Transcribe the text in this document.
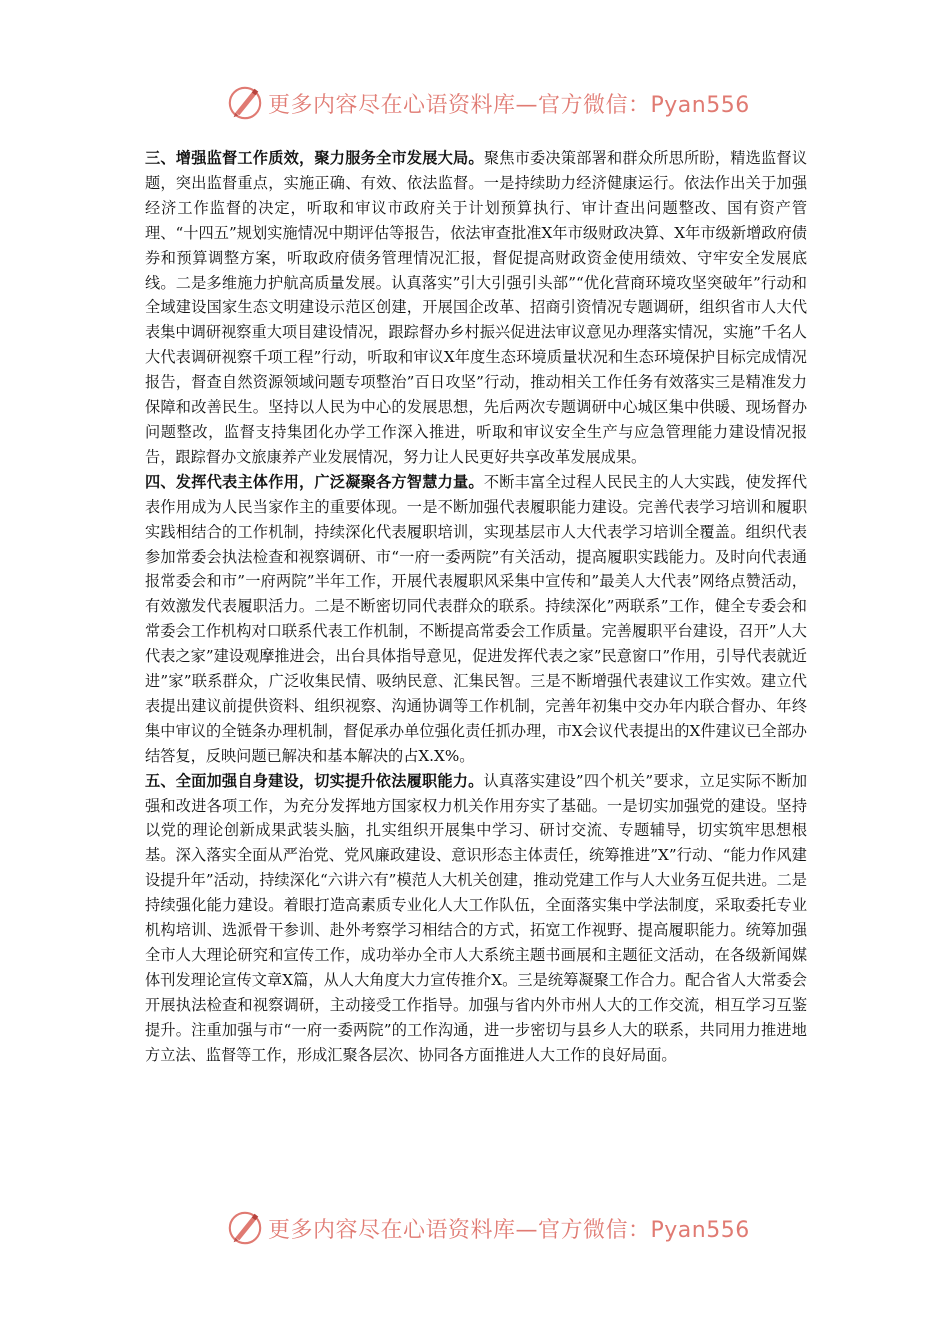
更多内容尽在心语资料库—官方微信：Pyan556

三、增强监督工作质效，聚力服务全市发展大局。聚焦市委决策部署和群众所思所盼，精选监督议题，突出监督重点，实施正确、有效、依法监督。一是持续助力经济健康运行。依法作出关于加强经济工作监督的决定，听取和审议市政府关于计划预算执行、审计查出问题整改、国有资产管理、“十四五”规划实施情况中期评估等报告，依法审查批准X年市级财政决算、X年市级新增政府债券和预算调整方案，听取政府债务管理情况汇报，督促提高财政资金使用绩效、守牢安全发展底线。二是多维施力护航高质量发展。认真落实”引大引强引头部”“优化营商环境攻坚突破年”行动和全域建设国家生态文明建设示范区创建，开展国企改革、招商引资情况专题调研，组织省市人大代表集中调研视察重大项目建设情况，跟踪督办乡村振兴促进法审议意见办理落实情况，实施”千名人大代表调研视察千项工程”行动，听取和审议X年度生态环境质量状况和生态环境保护目标完成情况报告，督查自然资源领域问题专项整治”百日攻坚”行动，推动相关工作任务有效落实三是精准发力保障和改善民生。坚持以人民为中心的发展思想，先后两次专题调研中心城区集中供暖、现场督办问题整改，监督支持集团化办学工作深入推进，听取和审议安全生产与应急管理能力建设情况报告，跟踪督办文旅康养产业发展情况，努力让人民更好共享改革发展成果。

四、发挥代表主体作用，广泛凝聚各方智慧力量。不断丰富全过程人民民主的人大实践，使发挥代表作用成为人民当家作主的重要体现。一是不断加强代表履职能力建设。完善代表学习培训和履职实践相结合的工作机制，持续深化代表履职培训，实现基层市人大代表学习培训全覆盖。组织代表参加常委会执法检查和视察调研、市“一府一委两院”有关活动，提高履职实践能力。及时向代表通报常委会和市”一府两院”半年工作，开展代表履职风采集中宣传和”最美人大代表”网络点赞活动，有效激发代表履职活力。二是不断密切同代表群众的联系。持续深化”两联系”工作，健全专委会和常委会工作机构对口联系代表工作机制，不断提高常委会工作质量。完善履职平台建设，召开”人大代表之家”建设观摩推进会，出台具体指导意见，促进发挥代表之家”民意窗口”作用，引导代表就近进”家”联系群众，广泛收集民情、吸纳民意、汇集民智。三是不断增强代表建议工作实效。建立代表提出建议前提供资料、组织视察、沟通协调等工作机制，完善年初集中交办年内联合督办、年终集中审议的全链条办理机制，督促承办单位强化责任抓办理，市X会议代表提出的X件建议已全部办结答复，反映问题已解决和基本解决的占X.X%。

五、全面加强自身建设，切实提升依法履职能力。认真落实建设”四个机关”要求，立足实际不断加强和改进各项工作，为充分发挥地方国家权力机关作用夯实了基础。一是切实加强党的建设。坚持以党的理论创新成果武装头脑，扎实组织开展集中学习、研讨交流、专题辅导，切实筑牢思想根基。深入落实全面从严治党、党风廉政建设、意识形态主体责任，统筹推进”X”行动、“能力作风建设提升年”活动，持续深化“六讲六有”模范人大机关创建，推动党建工作与人大业务互促共进。二是持续强化能力建设。着眼打造高素质专业化人大工作队伍，全面落实集中学法制度，采取委托专业机构培训、选派骨干参训、赴外考察学习相结合的方式，拓宽工作视野、提高履职能力。统筹加强全市人大理论研究和宣传工作，成功举办全市人大系统主题书画展和主题征文活动，在各级新闻媒体刊发理论宣传文章X篇，从人大角度大力宣传推介X。三是统筹凝聚工作合力。配合省人大常委会开展执法检查和视察调研，主动接受工作指导。加强与省内外市州人大的工作交流，相互学习互鉴提升。注重加强与市“一府一委两院”的工作沟通，进一步密切与县乡人大的联系，共同用力推进地方立法、监督等工作，形成汇聚各层次、协同各方面推进人大工作的良好局面。

更多内容尽在心语资料库—官方微信：Pyan556
